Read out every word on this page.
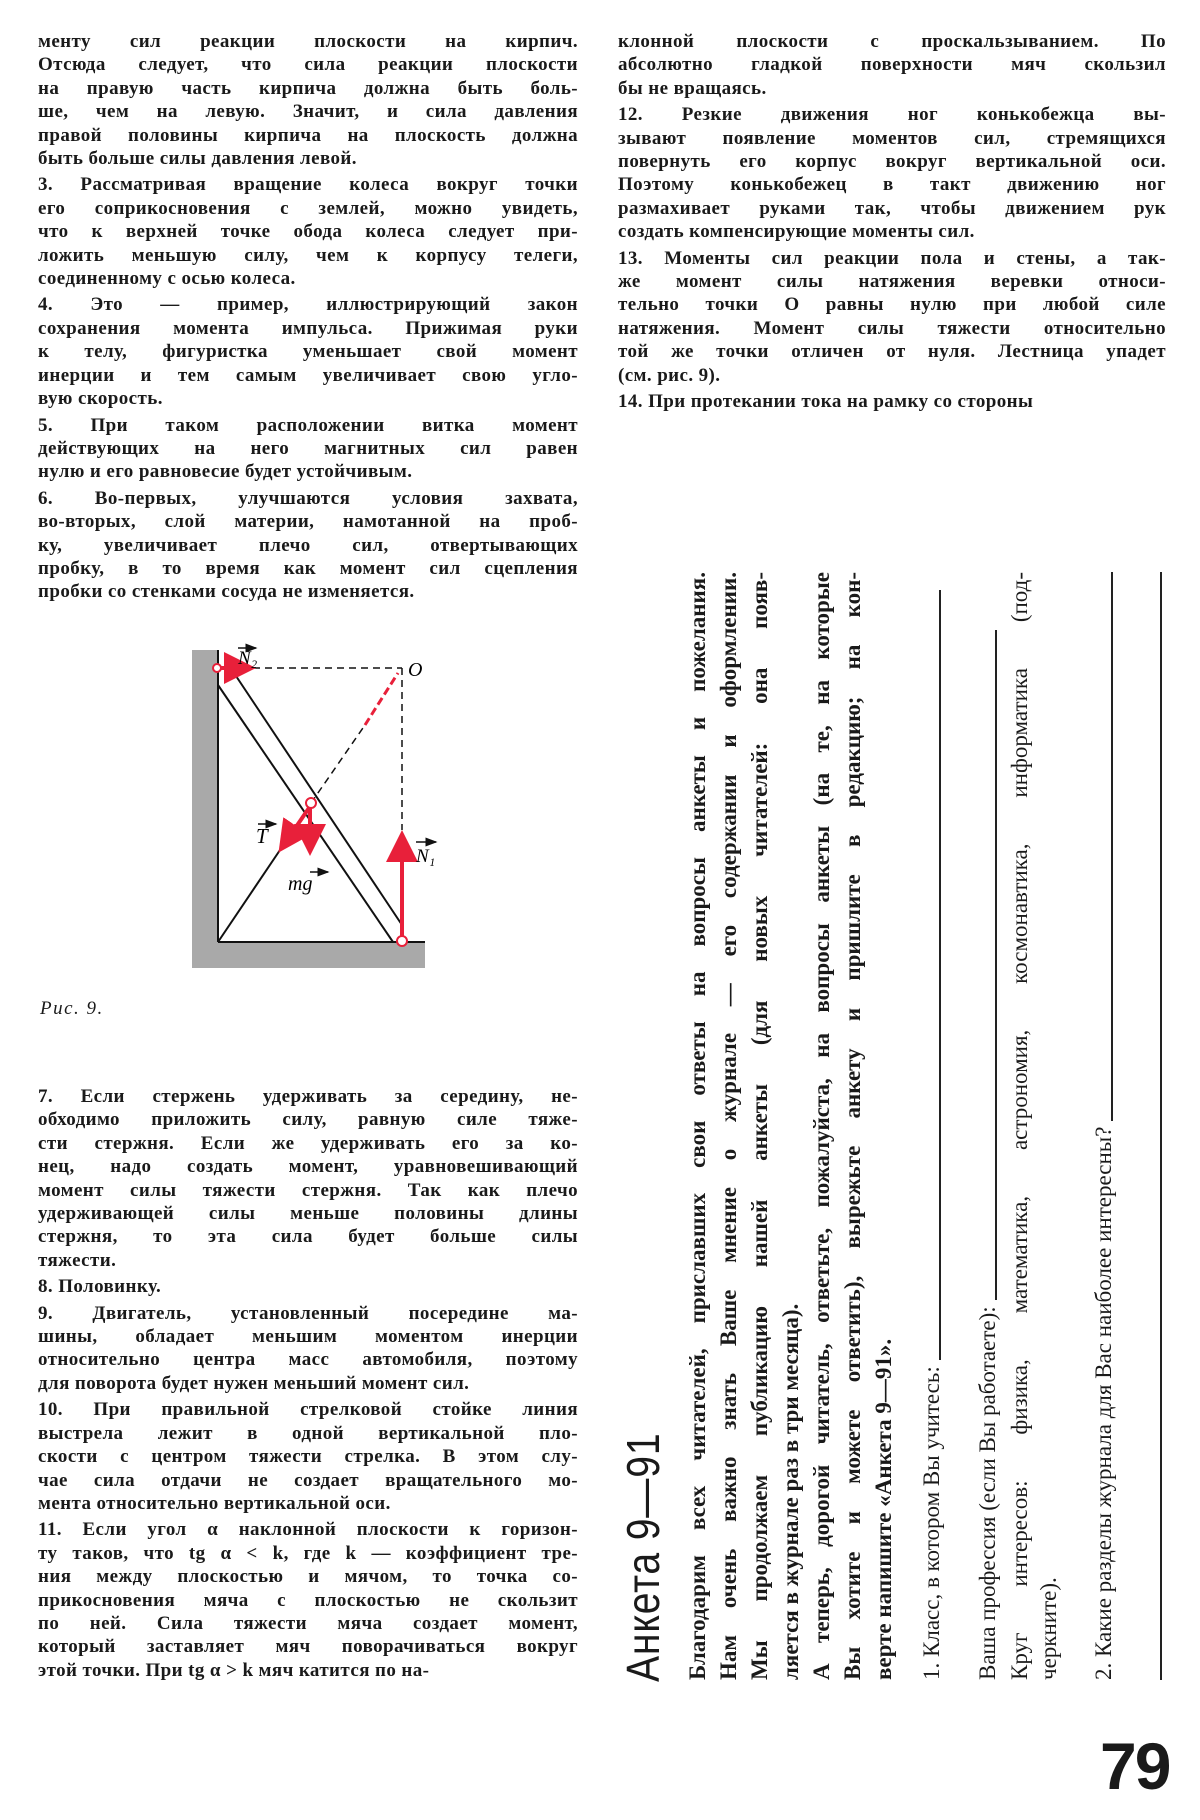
менту сил реакции плоскости на кирпич.
Отсюда следует, что сила реакции плоскости
на правую часть кирпича должна быть боль-
ше, чем на левую. Значит, и сила давления
правой половины кирпича на плоскость должна
быть больше силы давления левой.
3. Рассматривая вращение колеса вокруг точки
его соприкосновения с землей, можно увидеть,
что к верхней точке обода колеса следует при-
ложить меньшую силу, чем к корпусу телеги,
соединенному с осью колеса.
4. Это — пример, иллюстрирующий закон
сохранения момента импульса. Прижимая руки
к телу, фигуристка уменьшает свой момент
инерции и тем самым увеличивает свою угло-
вую скорость.
5. При таком расположении витка момент
действующих на него магнитных сил равен
нулю и его равновесие будет устойчивым.
6. Во-первых, улучшаются условия захвата,
во-вторых, слой материи, намотанной на проб-
ку, увеличивает плечо сил, отвертывающих
пробку, в то время как момент сил сцепления
пробки со стенками сосуда не изменяется.
N₂
O
T
mg
N₁
Рис. 9.
7. Если стержень удерживать за середину, не-
обходимо приложить силу, равную силе тяже-
сти стержня. Если же удерживать его за ко-
нец, надо создать момент, уравновешивающий
момент силы тяжести стержня. Так как плечо
удерживающей силы меньше половины длины
стержня, то эта сила будет больше силы
тяжести.
8. Половинку.
9. Двигатель, установленный посередине ма-
шины, обладает меньшим моментом инерции
относительно центра масс автомобиля, поэтому
для поворота будет нужен меньший момент сил.
10. При правильной стрелковой стойке линия
выстрела лежит в одной вертикальной пло-
скости с центром тяжести стрелка. В этом слу-
чае сила отдачи не создает вращательного мо-
мента относительно вертикальной оси.
11. Если угол α наклонной плоскости к горизон-
ту таков, что tg α < k, где k — коэффициент тре-
ния между плоскостью и мячом, то точка со-
прикосновения мяча с плоскостью не скользит
по ней. Сила тяжести мяча создает момент,
который заставляет мяч поворачиваться вокруг
этой точки. При tg α > k мяч катится по на-
клонной плоскости с проскальзыванием. По
абсолютно гладкой поверхности мяч скользил
бы не вращаясь.
12. Резкие движения ног конькобежца вы-
зывают появление моментов сил, стремящихся
повернуть его корпус вокруг вертикальной оси.
Поэтому конькобежец в такт движению ног
размахивает руками так, чтобы движением рук
создать компенсирующие моменты сил.
13. Моменты сил реакции пола и стены, а так-
же момент силы натяжения веревки относи-
тельно точки O равны нулю при любой силе
натяжения. Момент силы тяжести относительно
той же точки отличен от нуля. Лестница упадет
(см. рис. 9).
14. При протекании тока на рамку со стороны
Анкета 9—91 Благодарим всех читателей, приславших свои ответы на вопросы анкеты и пожелания. Нам очень важно знать Ваше мнение о журнале — его содержании и оформлении. Мы продолжаем публикацию нашей анкеты (для новых читателей: она появ- ляется в журнале раз в три месяца). А теперь, дорогой читатель, ответьте, пожалуйста, на вопросы анкеты (на те, на которые Вы хотите и можете ответить), вырежьте анкету и пришлите в редакцию; на кон- верте напишите «Анкета 9—91». 1. Класс, в котором Вы учитесь: Ваша профессия (если Вы работаете): Круг интересов: физика, математика, астрономия, космонавтика, информатика (под- черкните). 2. Какие разделы журнала для Вас наиболее интересны?
79
